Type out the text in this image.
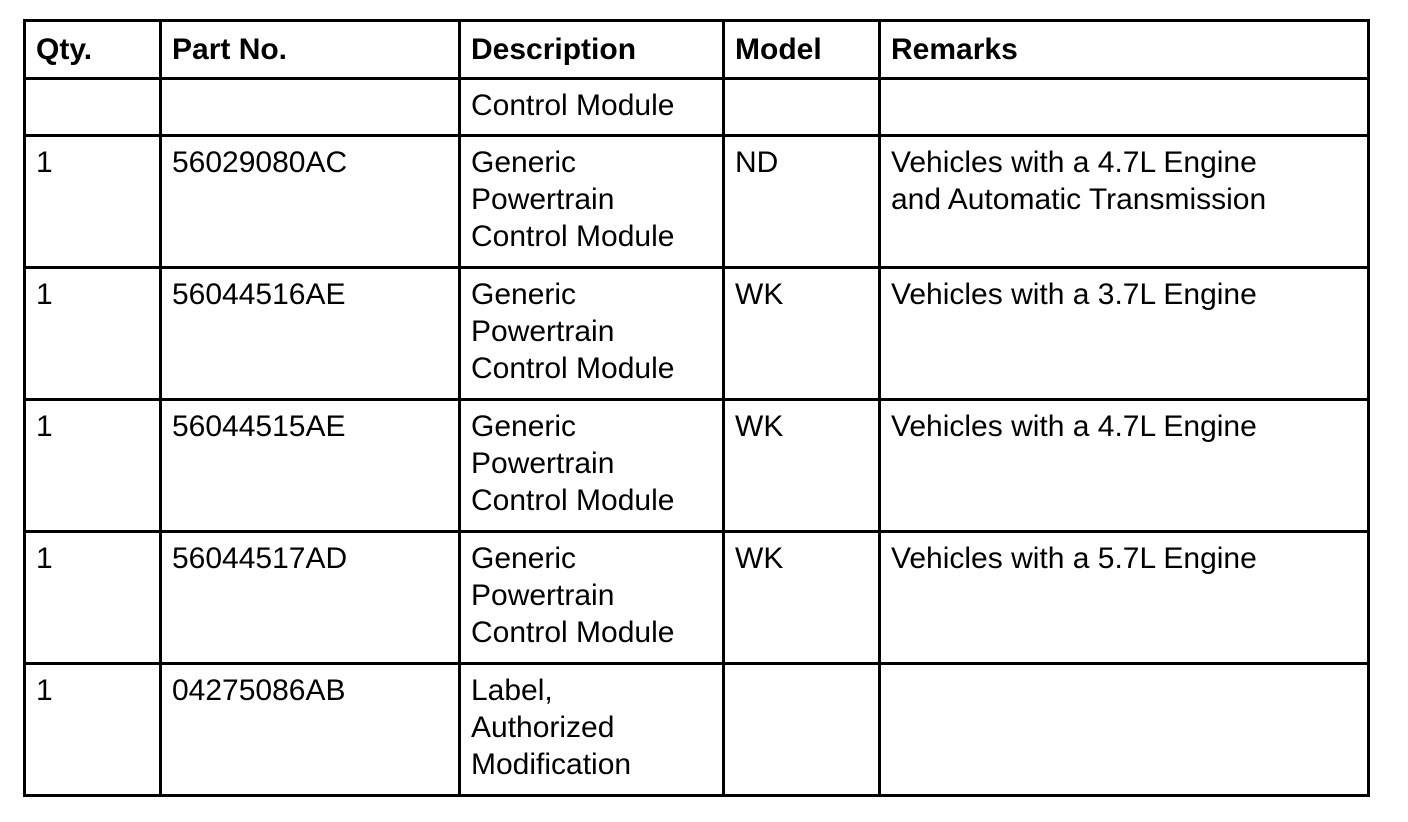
Qty.	Part No.	Description	Model	Remarks

		Control Module		

1	56029080AC	Generic
Powertrain
Control Module	ND	Vehicles with a 4.7L Engine
and Automatic Transmission

1	56044516AE	Generic
Powertrain
Control Module	WK	Vehicles with a 3.7L Engine

1	56044515AE	Generic
Powertrain
Control Module	WK	Vehicles with a 4.7L Engine

1	56044517AD	Generic
Powertrain
Control Module	WK	Vehicles with a 5.7L Engine

1	04275086AB	Label,
Authorized
Modification		
